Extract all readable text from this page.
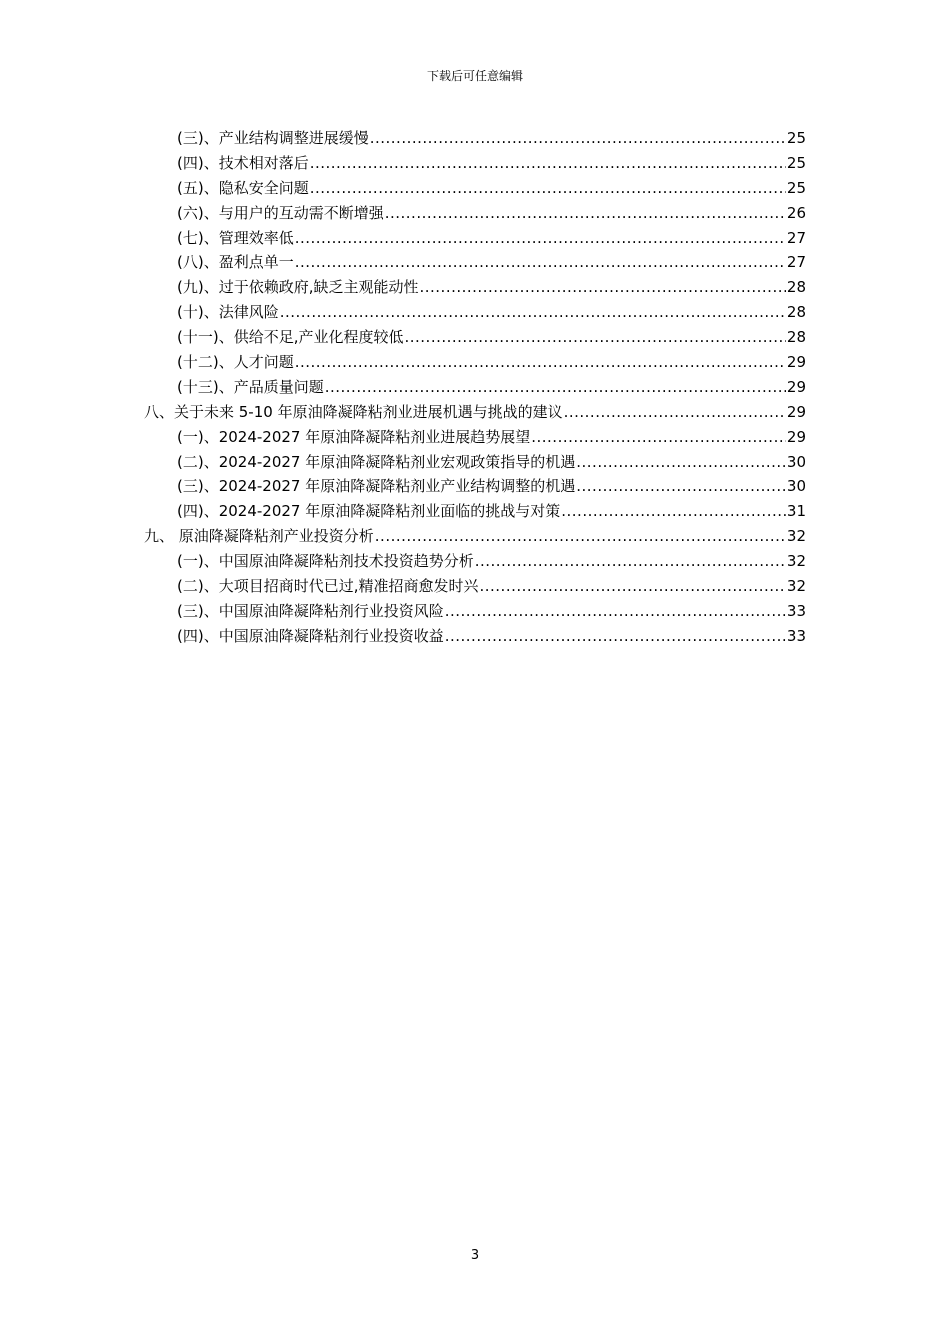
下载后可任意编辑
(三)、产业结构调整进展缓慢 .....	25
(四)、技术相对落后 .....	25
(五)、隐私安全问题 .....	25
(六)、与用户的互动需不断增强 .....	26
(七)、管理效率低 .....	27
(八)、盈利点单一 .....	27
(九)、过于依赖政府,缺乏主观能动性 .....	28
(十)、法律风险 .....	28
(十一)、供给不足,产业化程度较低 .....	28
(十二)、人才问题 .....	29
(十三)、产品质量问题 .....	29
八、关于未来 5-10 年原油降凝降粘剂业进展机遇与挑战的建议 .....	29
(一)、2024-2027 年原油降凝降粘剂业进展趋势展望 .....	29
(二)、2024-2027 年原油降凝降粘剂业宏观政策指导的机遇 .....	30
(三)、2024-2027 年原油降凝降粘剂业产业结构调整的机遇 .....	30
(四)、2024-2027 年原油降凝降粘剂业面临的挑战与对策 .....	31
九、 原油降凝降粘剂产业投资分析 .....	32
(一)、中国原油降凝降粘剂技术投资趋势分析 .....	32
(二)、大项目招商时代已过,精准招商愈发时兴 .....	32
(三)、中国原油降凝降粘剂行业投资风险 .....	33
(四)、中国原油降凝降粘剂行业投资收益 .....	33
3
